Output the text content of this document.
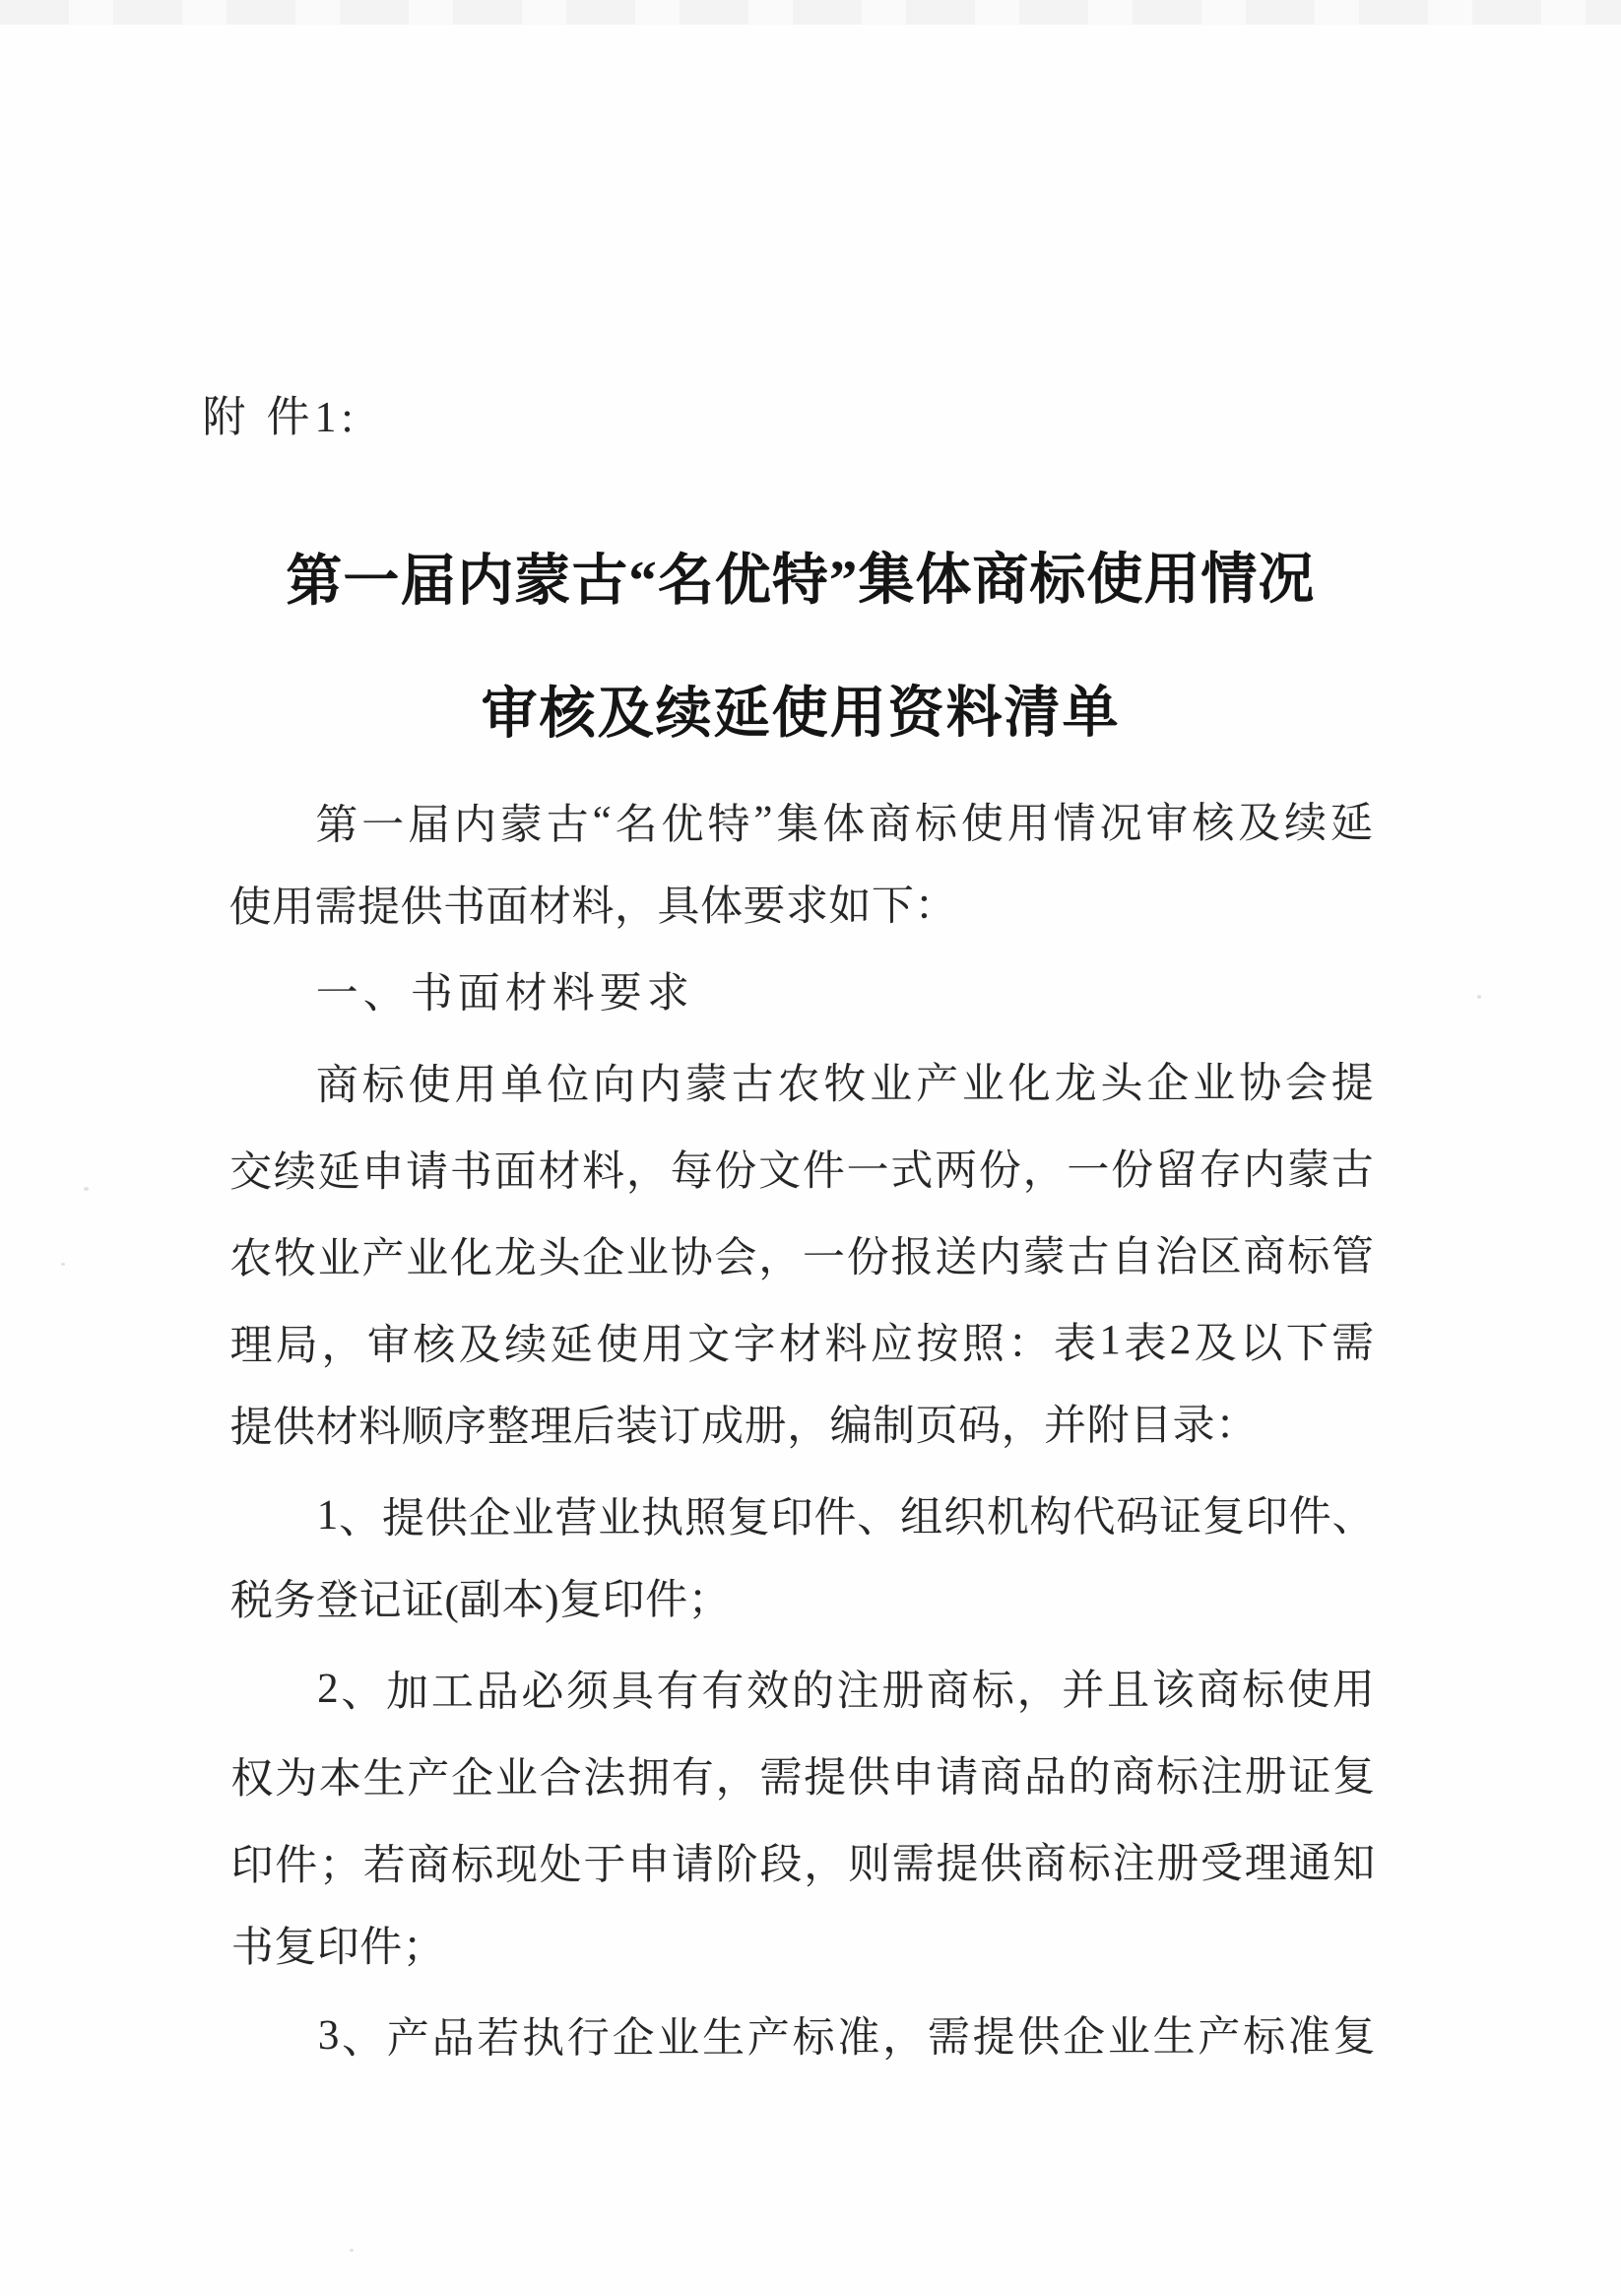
附 件1:
第一届内蒙古“名优特”集体商标使用情况
审核及续延使用资料清单
第 一 届 内 蒙 古 “ 名 优 特 ” 集 体 商 标 使 用 情 况 审 核 及 续 延
使用需提供书面材料，具体要求如下：
一、书面材料要求
商 标 使 用 单 位 向 内 蒙 古 农 牧 业 产 业 化 龙 头 企 业 协 会 提
交 续 延 申 请 书 面 材 料 ， 每 份 文 件 一 式 两 份 ， 一 份 留 存 内 蒙 古
农 牧 业 产 业 化 龙 头 企 业 协 会 ， 一 份 报 送 内 蒙 古 自 治 区 商 标 管
理 局 ， 审 核 及 续 延 使 用 文 字 材 料 应 按 照 ： 表 1 表 2 及 以 下 需
提供材料顺序整理后装订成册，编制页码，并附目录：
1 、 提 供 企 业 营 业 执 照 复 印 件 、 组 织 机 构 代 码 证 复 印 件 、
税务登记证(副本)复印件；
2 、 加 工 品 必 须 具 有 有 效 的 注 册 商 标 ， 并 且 该 商 标 使 用
权 为 本 生 产 企 业 合 法 拥 有 ， 需 提 供 申 请 商 品 的 商 标 注 册 证 复
印 件 ； 若 商 标 现 处 于 申 请 阶 段 ， 则 需 提 供 商 标 注 册 受 理 通 知
书复印件；
3 、 产 品 若 执 行 企 业 生 产 标 准 ， 需 提 供 企 业 生 产 标 准 复
